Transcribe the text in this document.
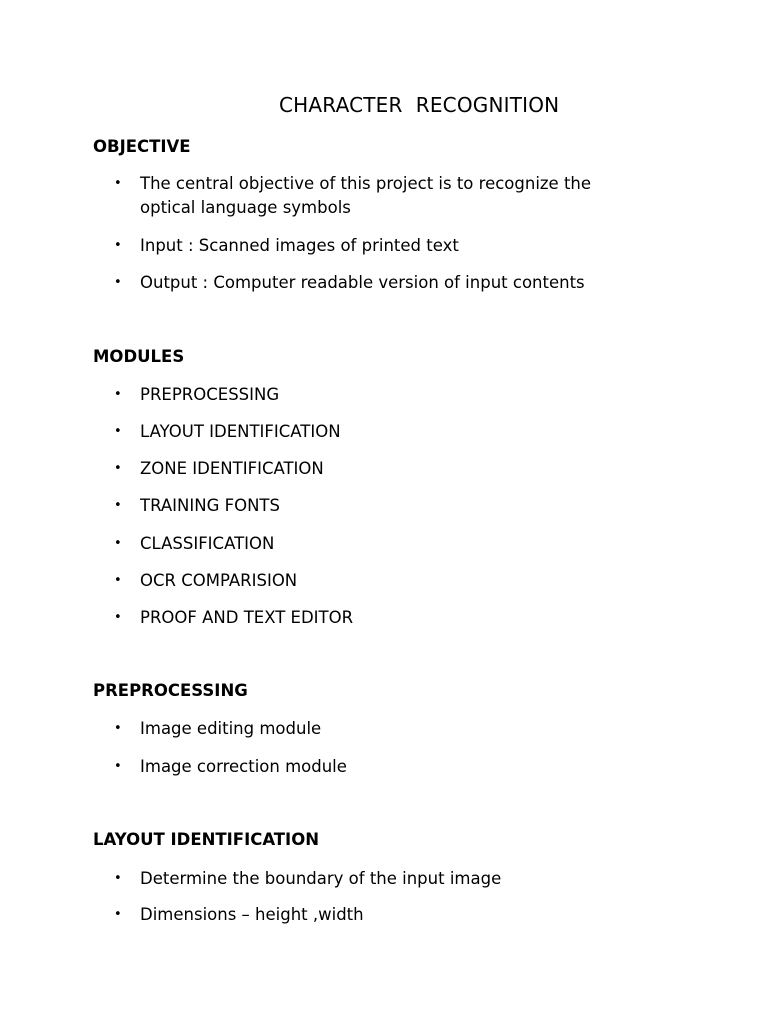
CHARACTER  RECOGNITION
OBJECTIVE
• The central objective of this project is to recognize the optical language symbols
• Input : Scanned images of printed text
• Output : Computer readable version of input contents
MODULES
• PREPROCESSING
• LAYOUT IDENTIFICATION
• ZONE IDENTIFICATION
• TRAINING FONTS
• CLASSIFICATION
• OCR COMPARISION
• PROOF AND TEXT EDITOR
PREPROCESSING
• Image editing module
• Image correction module
LAYOUT IDENTIFICATION
• Determine the boundary of the input image
• Dimensions – height ,width
